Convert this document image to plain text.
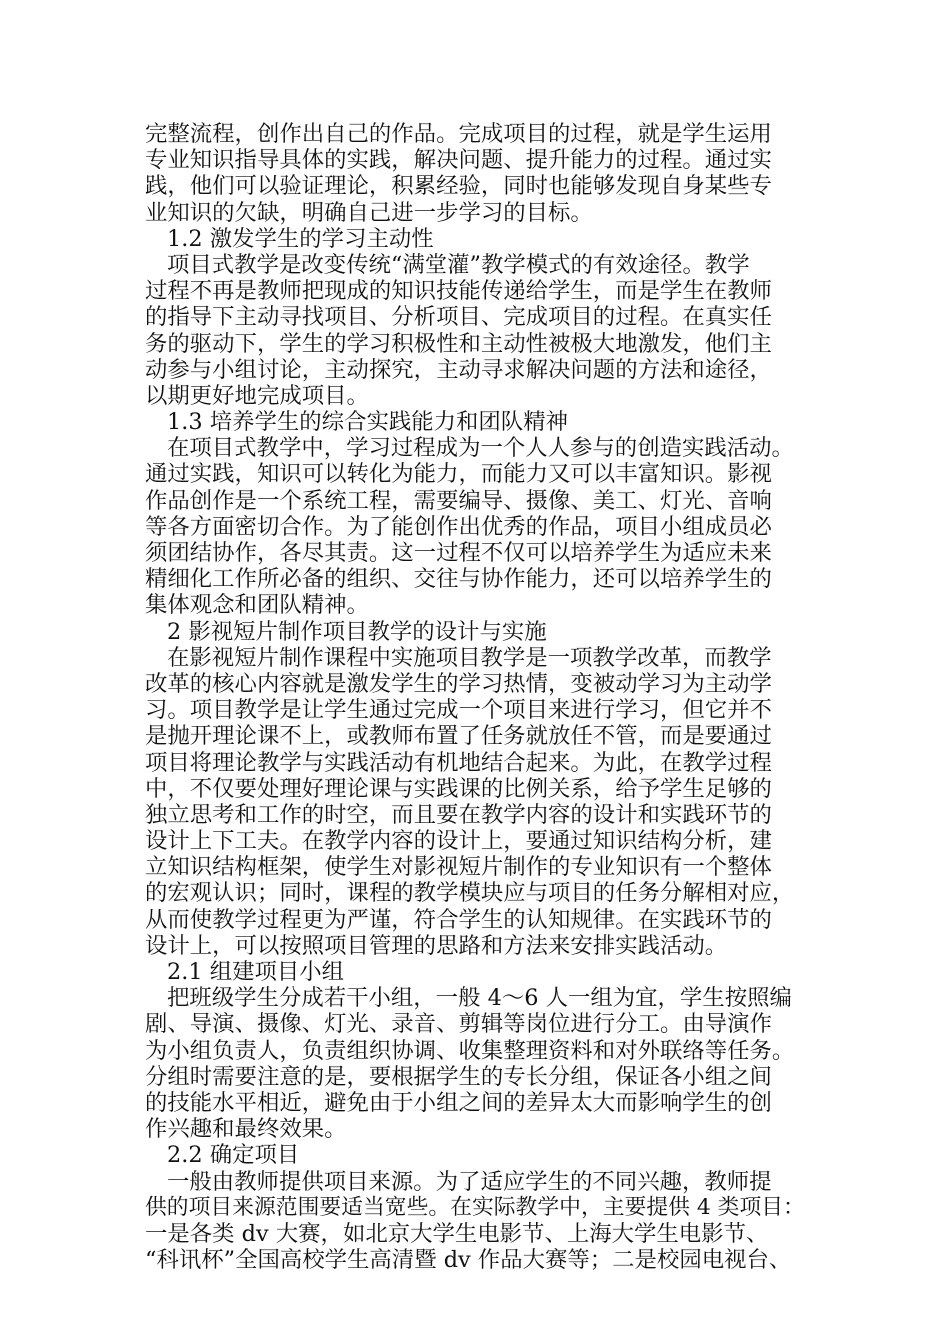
完整流程，创作出自己的作品。完成项目的过程，就是学生运用
专业知识指导具体的实践，解决问题、提升能力的过程。通过实
践，他们可以验证理论，积累经验，同时也能够发现自身某些专
业知识的欠缺，明确自己进一步学习的目标。
1.2 激发学生的学习主动性
项目式教学是改变传统“满堂灌”教学模式的有效途径。教学
过程不再是教师把现成的知识技能传递给学生，而是学生在教师
的指导下主动寻找项目、分析项目、完成项目的过程。在真实任
务的驱动下，学生的学习积极性和主动性被极大地激发，他们主
动参与小组讨论，主动探究，主动寻求解决问题的方法和途径，
以期更好地完成项目。
1.3 培养学生的综合实践能力和团队精神
在项目式教学中，学习过程成为一个人人参与的创造实践活动。
通过实践，知识可以转化为能力，而能力又可以丰富知识。影视
作品创作是一个系统工程，需要编导、摄像、美工、灯光、音响
等各方面密切合作。为了能创作出优秀的作品，项目小组成员必
须团结协作，各尽其责。这一过程不仅可以培养学生为适应未来
精细化工作所必备的组织、交往与协作能力，还可以培养学生的
集体观念和团队精神。
2 影视短片制作项目教学的设计与实施
在影视短片制作课程中实施项目教学是一项教学改革，而教学
改革的核心内容就是激发学生的学习热情，变被动学习为主动学
习。项目教学是让学生通过完成一个项目来进行学习，但它并不
是抛开理论课不上，或教师布置了任务就放任不管，而是要通过
项目将理论教学与实践活动有机地结合起来。为此，在教学过程
中，不仅要处理好理论课与实践课的比例关系，给予学生足够的
独立思考和工作的时空，而且要在教学内容的设计和实践环节的
设计上下工夫。在教学内容的设计上，要通过知识结构分析，建
立知识结构框架，使学生对影视短片制作的专业知识有一个整体
的宏观认识；同时，课程的教学模块应与项目的任务分解相对应，
从而使教学过程更为严谨，符合学生的认知规律。在实践环节的
设计上，可以按照项目管理的思路和方法来安排实践活动。
2.1 组建项目小组
把班级学生分成若干小组，一般 4～6 人一组为宜，学生按照编
剧、导演、摄像、灯光、录音、剪辑等岗位进行分工。由导演作
为小组负责人，负责组织协调、收集整理资料和对外联络等任务。
分组时需要注意的是，要根据学生的专长分组，保证各小组之间
的技能水平相近，避免由于小组之间的差异太大而影响学生的创
作兴趣和最终效果。
2.2 确定项目
一般由教师提供项目来源。为了适应学生的不同兴趣，教师提
供的项目来源范围要适当宽些。在实际教学中，主要提供 4 类项目：
一是各类 dv 大赛，如北京大学生电影节、上海大学生电影节、
“科讯杯”全国高校学生高清暨 dv 作品大赛等；二是校园电视台、
